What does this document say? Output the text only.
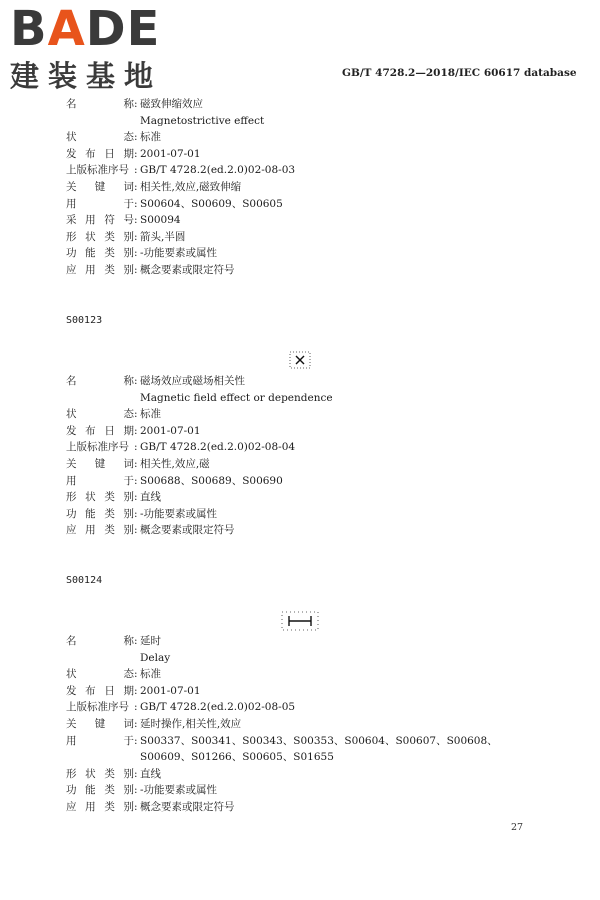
BADE
建装基地	GB/T 4728.2—2018/IEC 60617 database
名	称 : 磁致伸缩效应
Magnetostrictive effect
状	态 : 标准
发 布 日 期 : 2001-07-01
上版标准序号 : GB/T 4728.2(ed.2.0)02-08-03
关 键 词 : 相关性,效应,磁致伸缩
用	于 : S00604、S00609、S00605
采 用 符 号 : S00094
形 状 类 别 : 箭头,半圆
功 能 类 别 : -功能要素或属性
应 用 类 别 : 概念要素或限定符号
S00123
名	称 : 磁场效应或磁场相关性
Magnetic field effect or dependence
状	态 : 标准
发 布 日 期 : 2001-07-01
上版标准序号 : GB/T 4728.2(ed.2.0)02-08-04
关 键 词 : 相关性,效应,磁
用	于 : S00688、S00689、S00690
形 状 类 别 : 直线
功 能 类 别 : -功能要素或属性
应 用 类 别 : 概念要素或限定符号
S00124
名	称 : 延时
Delay
状	态 : 标准
发 布 日 期 : 2001-07-01
上版标准序号 : GB/T 4728.2(ed.2.0)02-08-05
关 键 词 : 延时操作,相关性,效应
用	于 : S00337、S00341、S00343、S00353、S00604、S00607、S00608、S00609、S01266、S00605、S01655
形 状 类 别 : 直线
功 能 类 别 : -功能要素或属性
应 用 类 别 : 概念要素或限定符号
27
